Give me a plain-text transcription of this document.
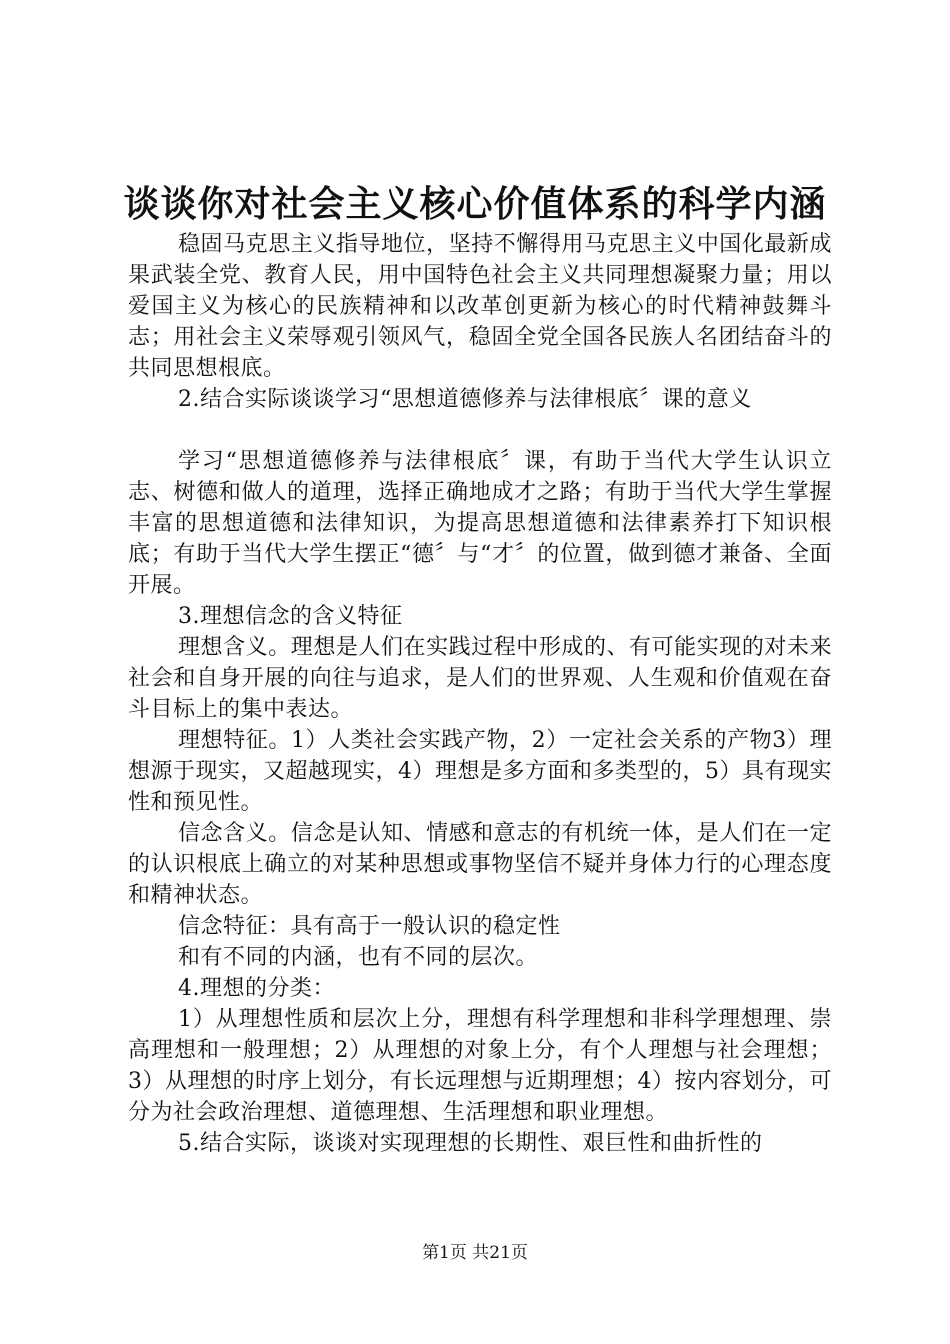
谈谈你对社会主义核心价值体系的科学内涵

稳固马克思主义指导地位，坚持不懈得用马克思主义中国化最新成果武装全党、教育人民，用中国特色社会主义共同理想凝聚力量；用以爱国主义为核心的民族精神和以改革创更新为核心的时代精神鼓舞斗志；用社会主义荣辱观引领风气，稳固全党全国各民族人名团结奋斗的共同思想根底。

2.结合实际谈谈学习“思想道德修养与法律根底〞课的意义

学习“思想道德修养与法律根底〞课，有助于当代大学生认识立志、树德和做人的道理，选择正确地成才之路；有助于当代大学生掌握丰富的思想道德和法律知识，为提高思想道德和法律素养打下知识根底；有助于当代大学生摆正“德〞与“才〞的位置，做到德才兼备、全面开展。

3.理想信念的含义特征

理想含义。理想是人们在实践过程中形成的、有可能实现的对未来社会和自身开展的向往与追求，是人们的世界观、人生观和价值观在奋斗目标上的集中表达。

理想特征。1）人类社会实践产物，2）一定社会关系的产物3）理想源于现实，又超越现实，4）理想是多方面和多类型的，5）具有现实性和预见性。

信念含义。信念是认知、情感和意志的有机统一体，是人们在一定的认识根底上确立的对某种思想或事物坚信不疑并身体力行的心理态度和精神状态。

信念特征：具有高于一般认识的稳定性

和有不同的内涵，也有不同的层次。

4.理想的分类：

1）从理想性质和层次上分，理想有科学理想和非科学理想理、崇高理想和一般理想；2）从理想的对象上分，有个人理想与社会理想；3）从理想的时序上划分，有长远理想与近期理想；4）按内容划分，可分为社会政治理想、道德理想、生活理想和职业理想。

5.结合实际，谈谈对实现理想的长期性、艰巨性和曲折性的

第1页 共21页
